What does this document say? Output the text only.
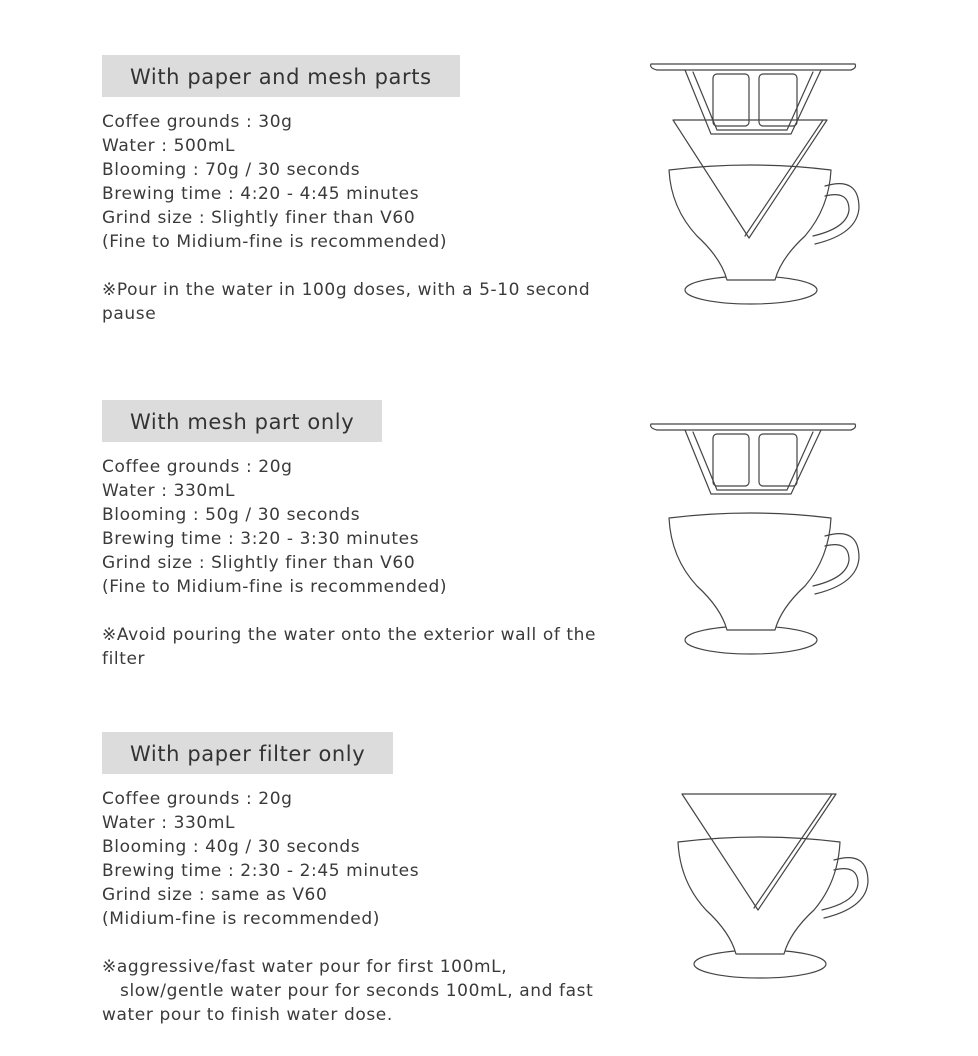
With paper and mesh parts
Coffee grounds : 30g
Water : 500mL
Blooming : 70g / 30 seconds
Brewing time : 4:20 - 4:45 minutes
Grind size : Slightly finer than V60
(Fine to Midium-fine is recommended)
※Pour in the water in 100g doses, with a 5-10 second
pause
With mesh part only
Coffee grounds : 20g
Water : 330mL
Blooming : 50g / 30 seconds
Brewing time : 3:20 - 3:30 minutes
Grind size : Slightly finer than V60
(Fine to Midium-fine is recommended)
※Avoid pouring the water onto the exterior wall of the
filter
With paper filter only
Coffee grounds : 20g
Water : 330mL
Blooming : 40g / 30 seconds
Brewing time : 2:30 - 2:45 minutes
Grind size : same as V60
(Midium-fine is recommended)
※aggressive/fast water pour for first 100mL,
slow/gentle water pour for seconds 100mL, and fast
water pour to finish water dose.
